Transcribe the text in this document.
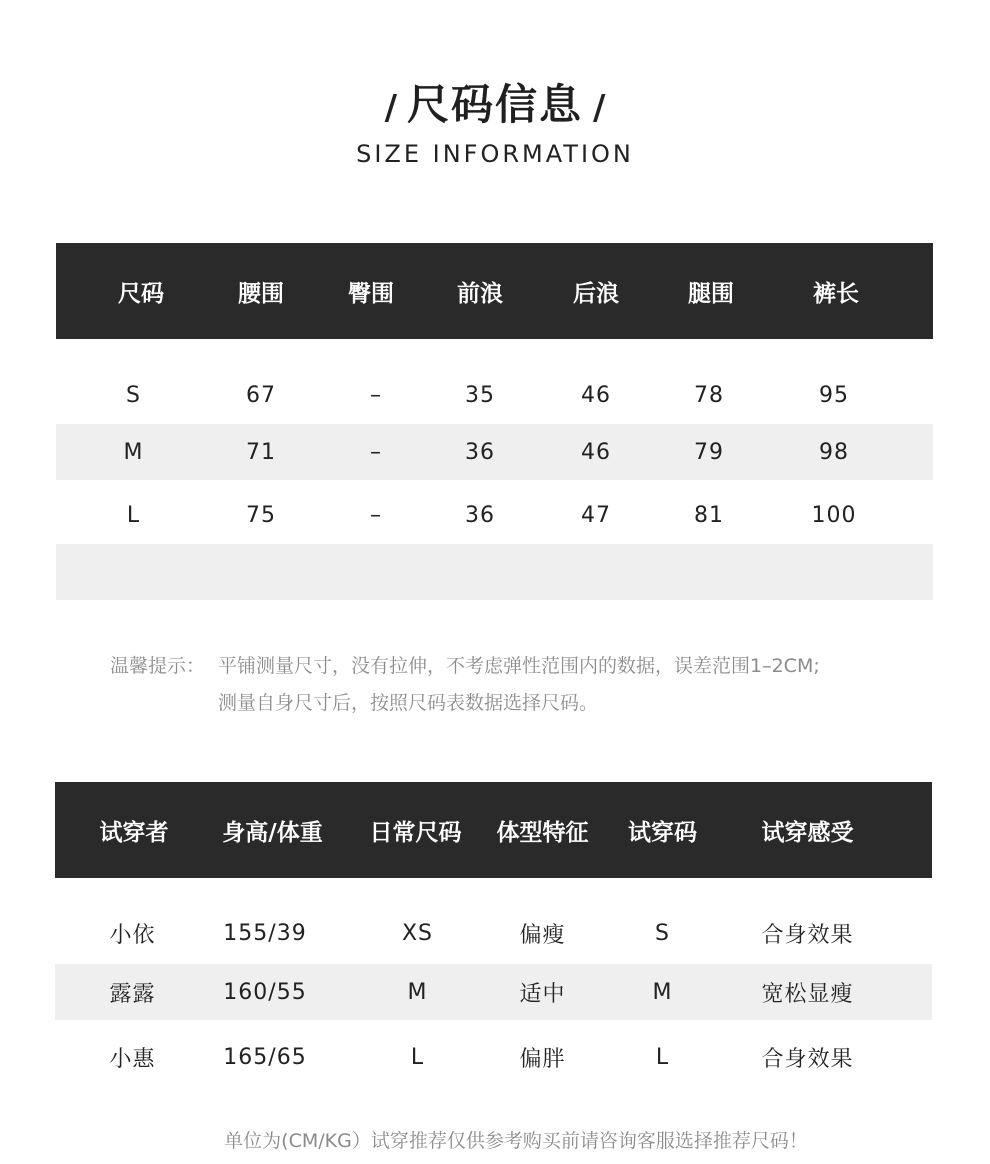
/ 尺码信息 /
SIZE INFORMATION
尺码	腰围	臀围	前浪	后浪	腿围	裤长
S	67	–	35	46	78	95
M	71	–	36	46	79	98
L	75	–	36	47	81	100
温馨提示： 平铺测量尺寸，没有拉伸，不考虑弹性范围内的数据，误差范围1–2CM;
测量自身尺寸后，按照尺码表数据选择尺码。
试穿者	身高/体重	日常尺码	体型特征	试穿码	试穿感受
小依	155/39	XS	偏瘦	S	合身效果
露露	160/55	M	适中	M	宽松显瘦
小惠	165/65	L	偏胖	L	合身效果
单位为(CM/KG）试穿推荐仅供参考购买前请咨询客服选择推荐尺码！
